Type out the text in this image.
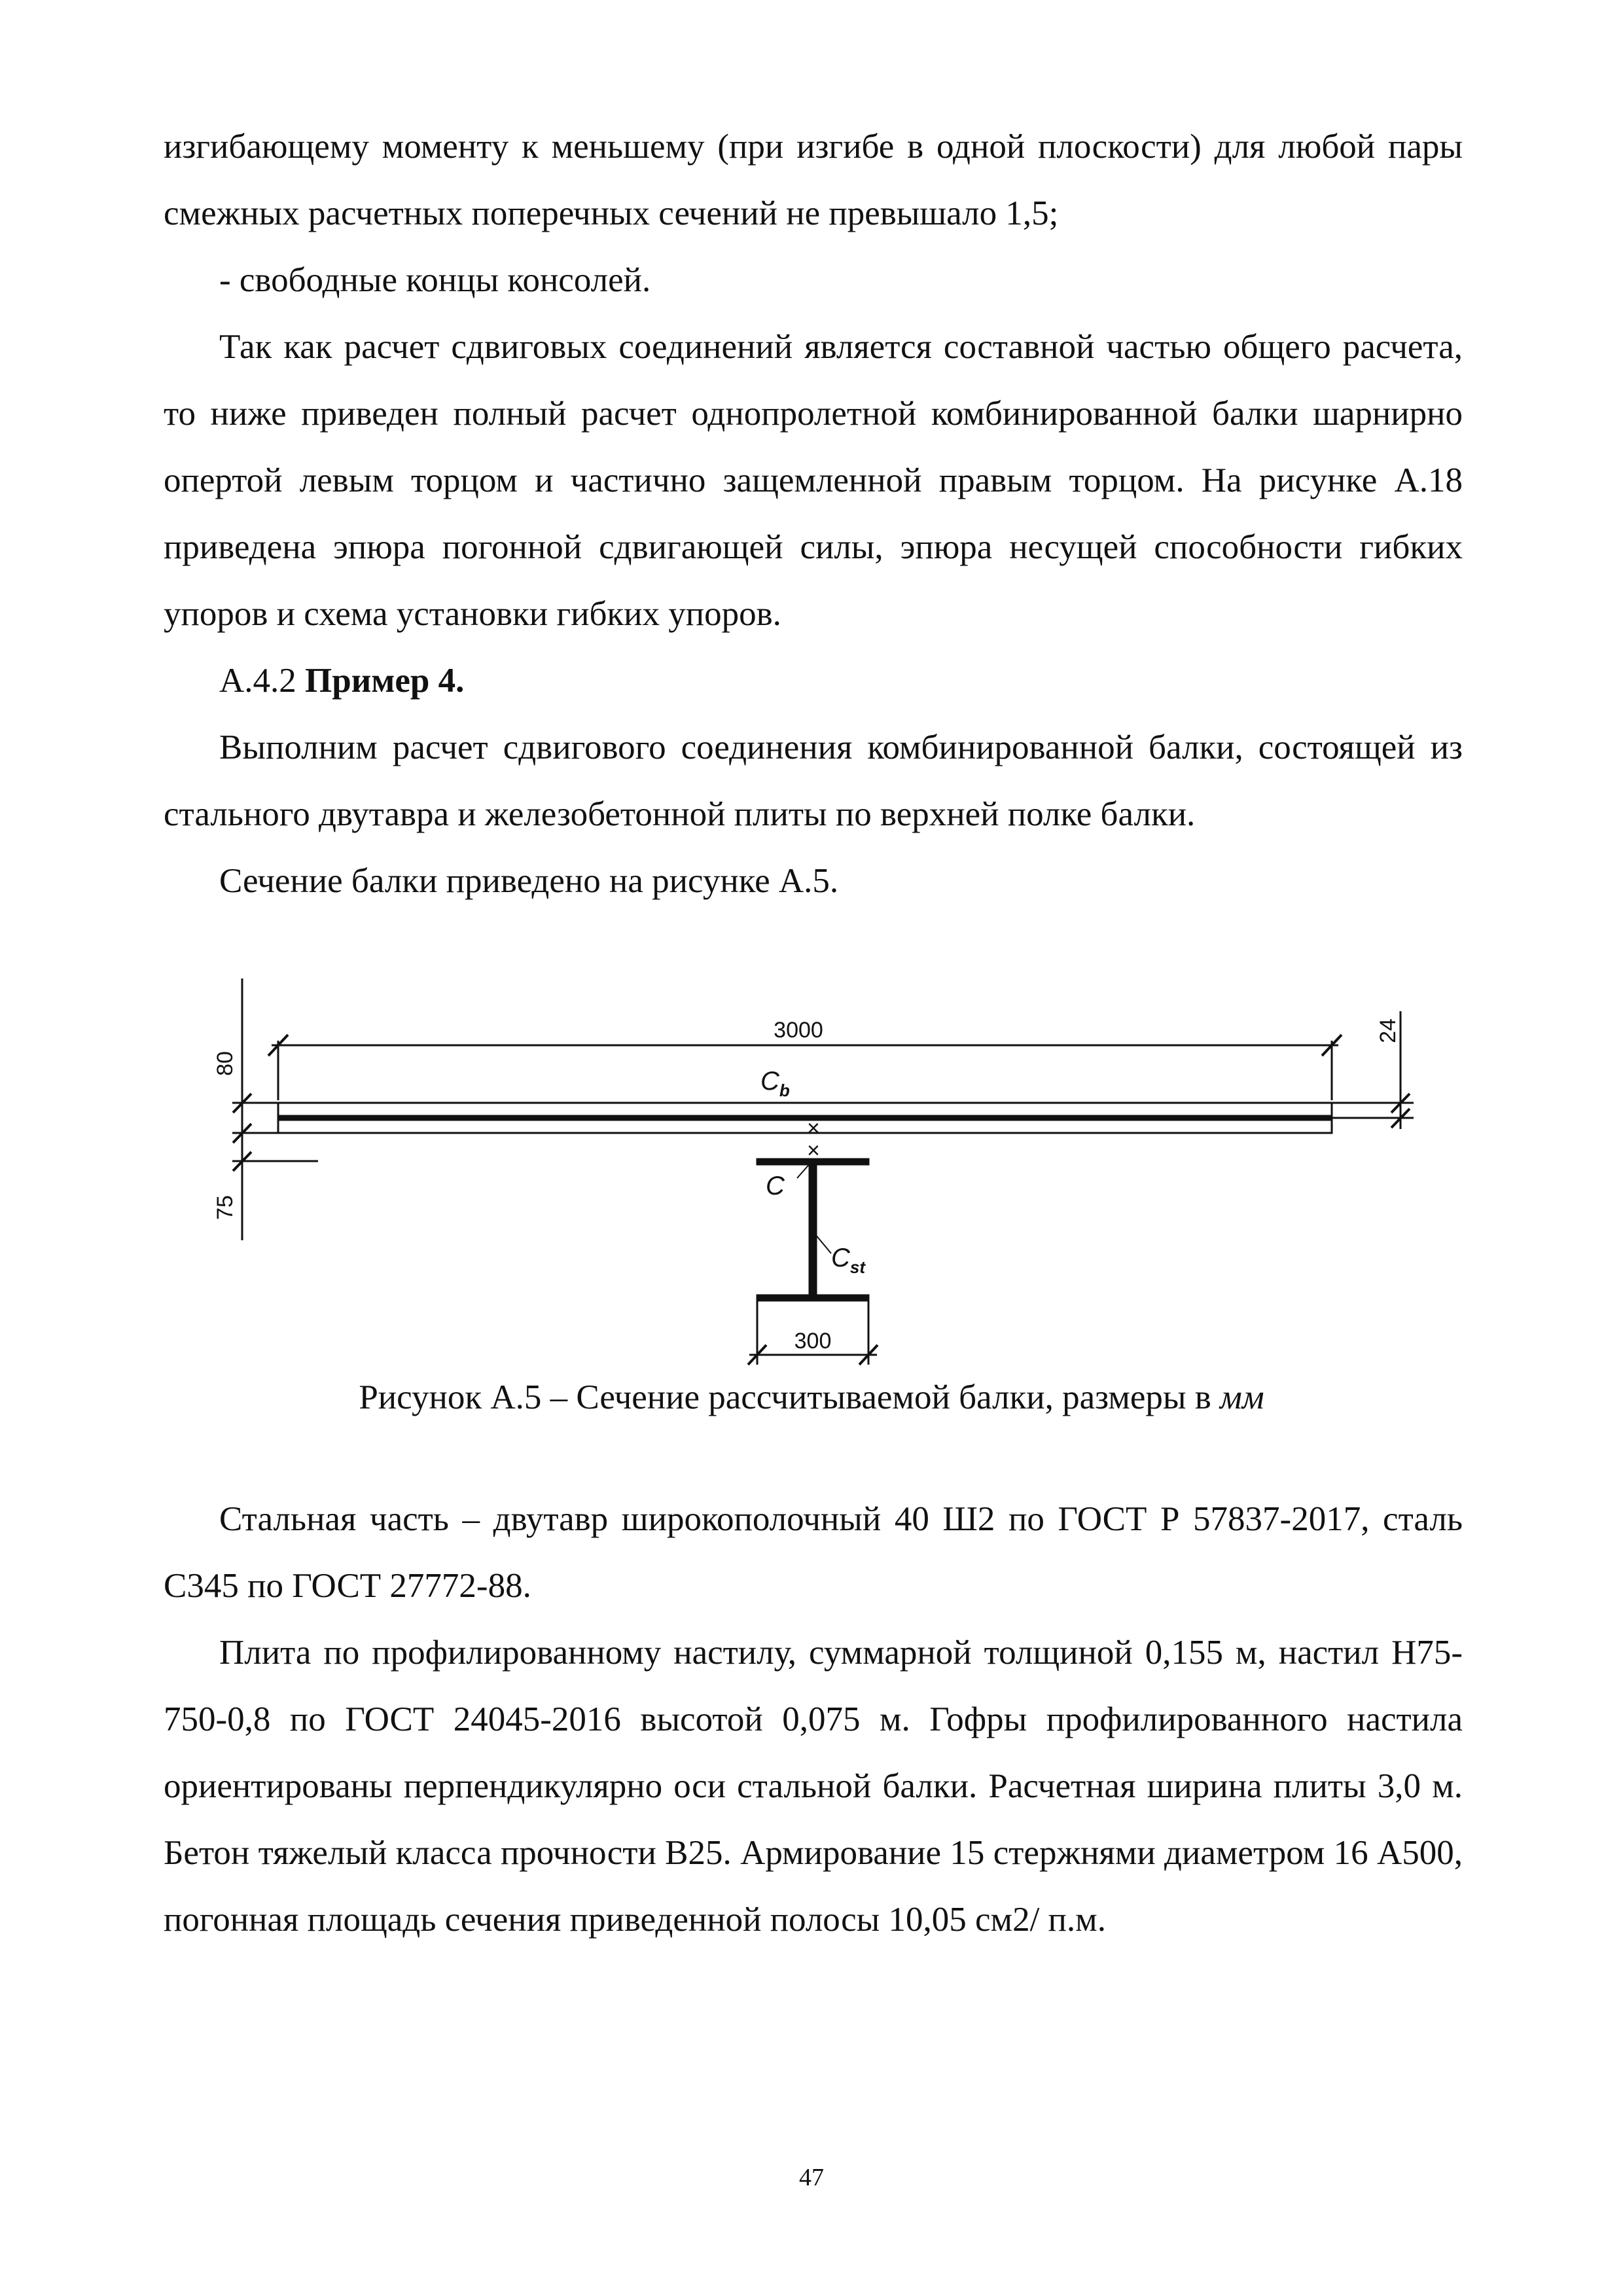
изгибающему моменту к меньшему (при изгибе в одной плоскости) для любой пары смежных расчетных поперечных сечений не превышало 1,5;

- свободные концы консолей.

Так как расчет сдвиговых соединений является составной частью общего расчета, то ниже приведен полный расчет однопролетной комбинированной балки шарнирно опертой левым торцом и частично защемленной правым торцом. На рисунке А.18 приведена эпюра погонной сдвигающей силы, эпюра несущей способности гибких упоров и схема установки гибких упоров.

А.4.2 Пример 4.

Выполним расчет сдвигового соединения комбинированной балки, состоящей из стального двутавра и железобетонной плиты по верхней полке балки.

Сечение балки приведено на рисунке А.5.

×
×
3000
80
75
24
300
$C_b$
C
$C_{st}$
Рисунок А.5 – Сечение рассчитываемой балки, размеры в мм

Стальная часть – двутавр широкополочный 40 Ш2 по ГОСТ Р 57837-2017, сталь С345 по ГОСТ 27772-88.

Плита по профилированному настилу, суммарной толщиной 0,155 м, настил Н75-750-0,8 по ГОСТ 24045-2016 высотой 0,075 м. Гофры профилированного настила ориентированы перпендикулярно оси стальной балки. Расчетная ширина плиты 3,0 м. Бетон тяжелый класса прочности В25. Армирование 15 стержнями диаметром 16 А500, погонная площадь сечения приведенной полосы 10,05 см2/ п.м.

47
